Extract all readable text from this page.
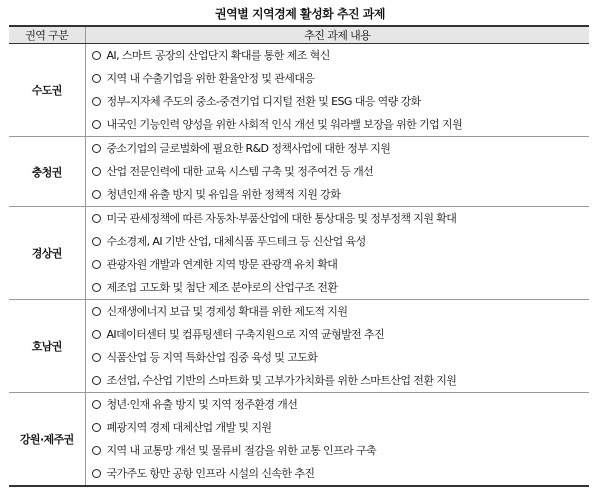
권역별 지역경제 활성화 추진 과제
권역 구분	추진 과제 내용
수도권	AI, 스마트 공장의 산업단지 확대를 통한 제조 혁신
지역 내 수출기업을 위한 환율안정 및 관세대응
정부-지자체 주도의 중소-중견기업 디지털 전환 및 ESG 대응 역량 강화
내국인 기능인력 양성을 위한 사회적 인식 개선 및 워라밸 보장을 위한 기업 지원

충청권	중소기업의 글로벌화에 필요한 R&D 정책사업에 대한 정부 지원
산업 전문인력에 대한 교육 시스템 구축 및 정주여건 등 개선
청년인재 유출 방지 및 유입을 위한 정책적 지원 강화

경상권	미국 관세정책에 따른 자동차·부품산업에 대한 통상대응 및 정부정책 지원 확대
수소경제, AI 기반 산업, 대체식품 푸드테크 등 신산업 육성
관광자원 개발과 연계한 지역 방문 관광객 유치 확대
제조업 고도화 및 첨단 제조 분야로의 산업구조 전환

호남권	신재생에너지 보급 및 경제성 확대를 위한 제도적 지원
AI데이터센터 및 컴퓨팅센터 구축지원으로 지역 균형발전 추진
식품산업 등 지역 특화산업 집중 육성 및 고도화
조선업, 수산업 기반의 스마트화 및 고부가가치화를 위한 스마트산업 전환 지원

강원·제주권	청년·인재 유출 방지 및 지역 정주환경 개선
폐광지역 경제 대체산업 개발 및 지원
지역 내 교통망 개선 및 물류비 절감을 위한 교통 인프라 구축
국가주도 항만 공항 인프라 시설의 신속한 추진
